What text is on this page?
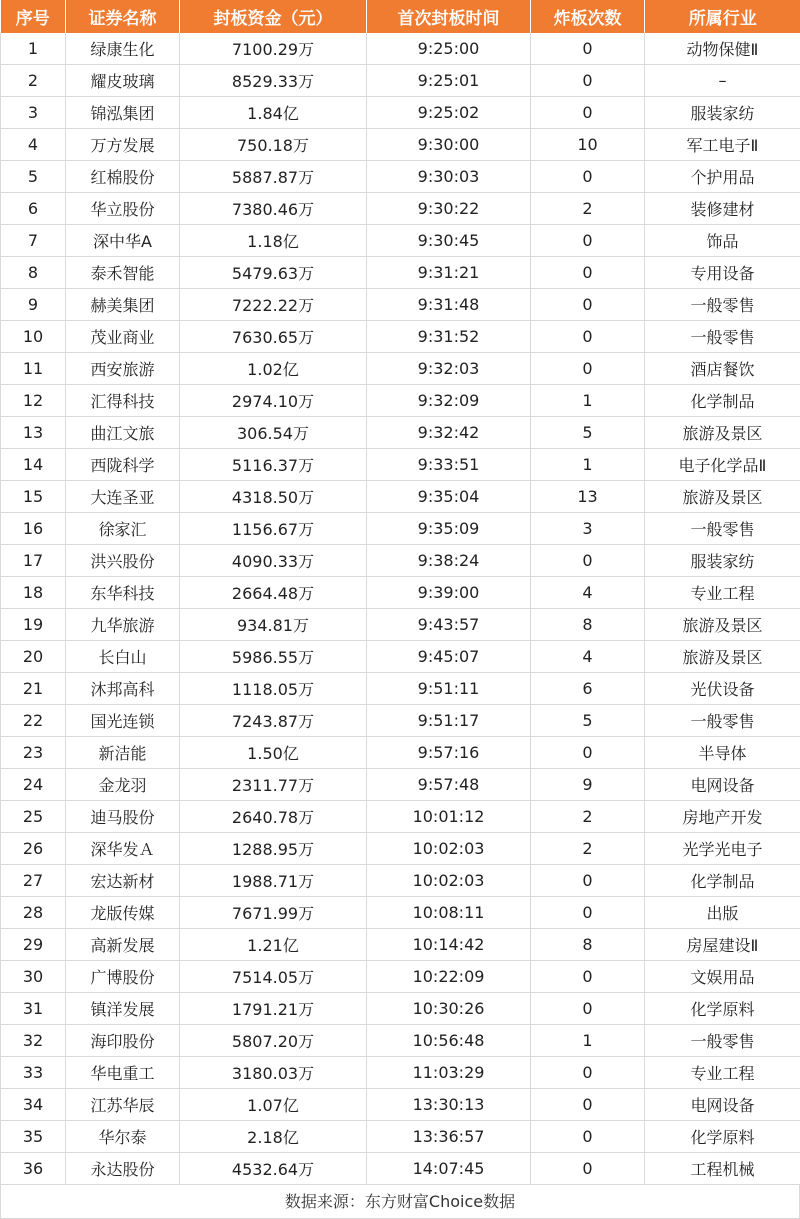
序号	证券名称	封板资金（元）	首次封板时间	炸板次数	所属行业
1	绿康生化	7100.29万	9:25:00	0	动物保健Ⅱ
2	耀皮玻璃	8529.33万	9:25:01	0	–
3	锦泓集团	1.84亿	9:25:02	0	服装家纺
4	万方发展	750.18万	9:30:00	10	军工电子Ⅱ
5	红棉股份	5887.87万	9:30:03	0	个护用品
6	华立股份	7380.46万	9:30:22	2	装修建材
7	深中华A	1.18亿	9:30:45	0	饰品
8	泰禾智能	5479.63万	9:31:21	0	专用设备
9	赫美集团	7222.22万	9:31:48	0	一般零售
10	茂业商业	7630.65万	9:31:52	0	一般零售
11	西安旅游	1.02亿	9:32:03	0	酒店餐饮
12	汇得科技	2974.10万	9:32:09	1	化学制品
13	曲江文旅	306.54万	9:32:42	5	旅游及景区
14	西陇科学	5116.37万	9:33:51	1	电子化学品Ⅱ
15	大连圣亚	4318.50万	9:35:04	13	旅游及景区
16	徐家汇	1156.67万	9:35:09	3	一般零售
17	洪兴股份	4090.33万	9:38:24	0	服装家纺
18	东华科技	2664.48万	9:39:00	4	专业工程
19	九华旅游	934.81万	9:43:57	8	旅游及景区
20	长白山	5986.55万	9:45:07	4	旅游及景区
21	沐邦高科	1118.05万	9:51:11	6	光伏设备
22	国光连锁	7243.87万	9:51:17	5	一般零售
23	新洁能	1.50亿	9:57:16	0	半导体
24	金龙羽	2311.77万	9:57:48	9	电网设备
25	迪马股份	2640.78万	10:01:12	2	房地产开发
26	深华发Ａ	1288.95万	10:02:03	2	光学光电子
27	宏达新材	1988.71万	10:02:03	0	化学制品
28	龙版传媒	7671.99万	10:08:11	0	出版
29	高新发展	1.21亿	10:14:42	8	房屋建设Ⅱ
30	广博股份	7514.05万	10:22:09	0	文娱用品
31	镇洋发展	1791.21万	10:30:26	0	化学原料
32	海印股份	5807.20万	10:56:48	1	一般零售
33	华电重工	3180.03万	11:03:29	0	专业工程
34	江苏华辰	1.07亿	13:30:13	0	电网设备
35	华尔泰	2.18亿	13:36:57	0	化学原料
36	永达股份	4532.64万	14:07:45	0	工程机械
数据来源：东方财富Choice数据
